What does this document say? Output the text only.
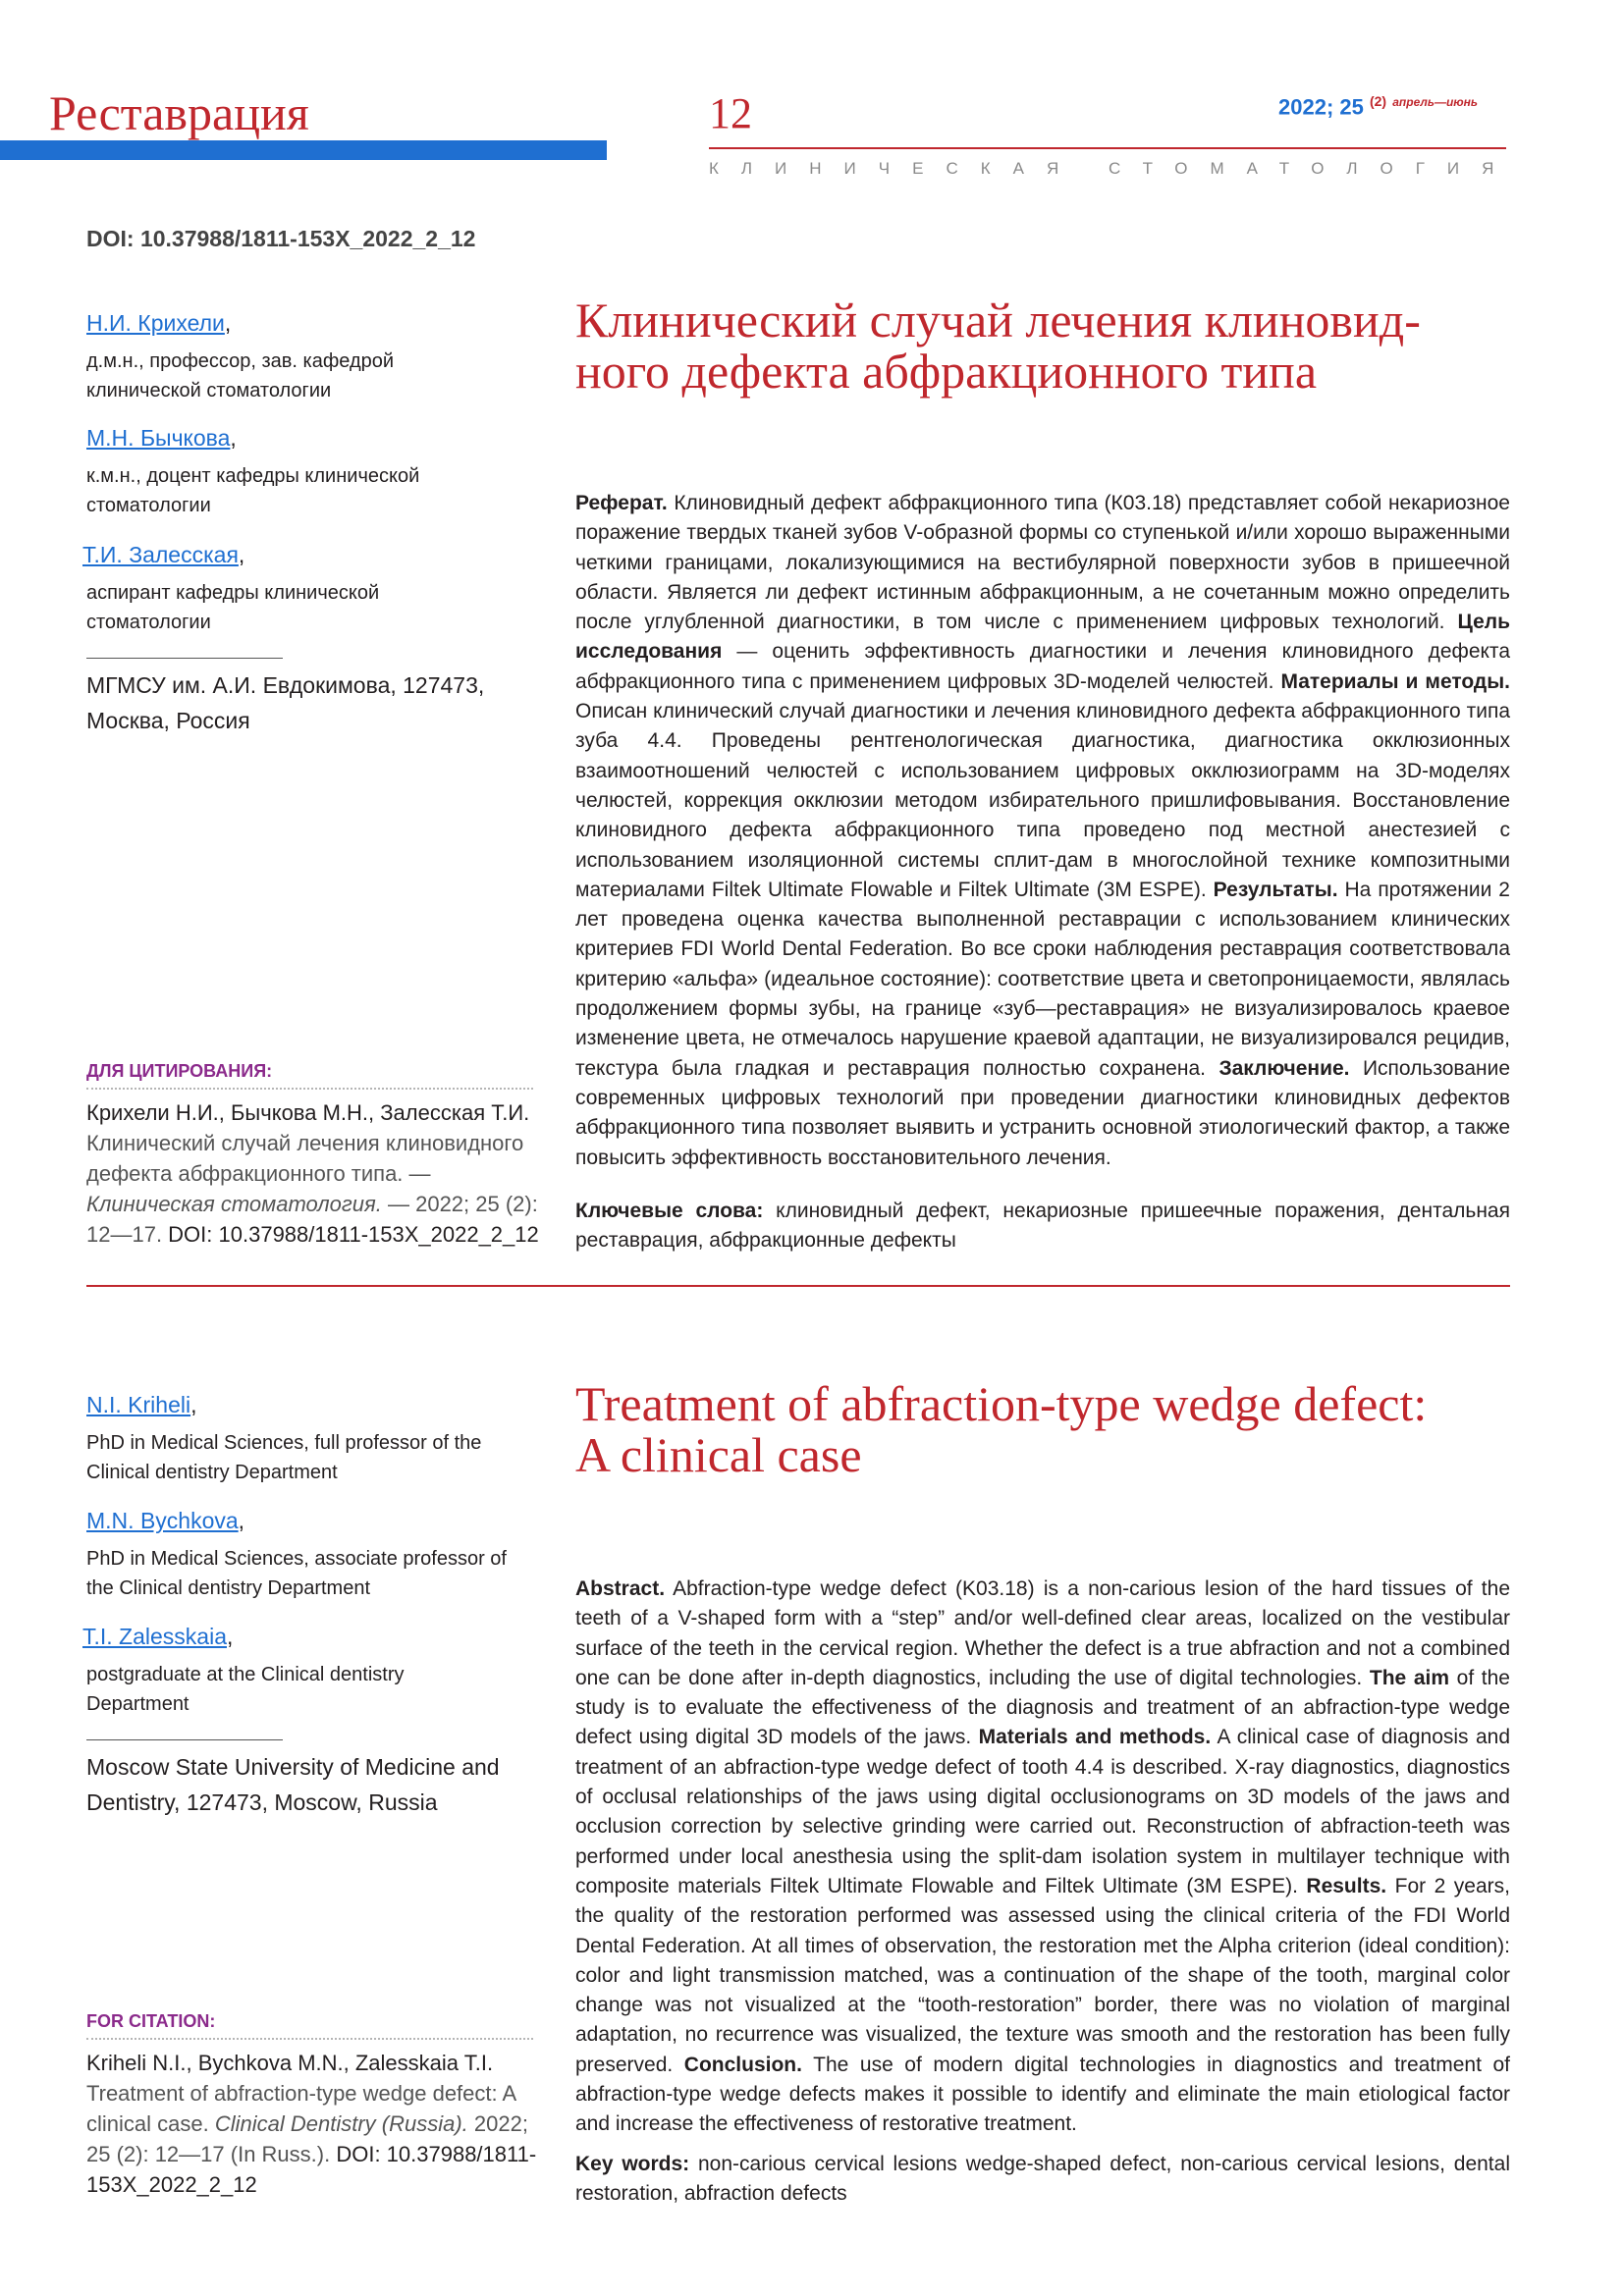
Реставрация	12	2022; 25 $^{(2)}$ $^{апрель—июнь}$
КЛИНИЧЕСКАЯ СТОМАТОЛОГИЯ
DOI: 10.37988/1811-153X_2022_2_12
Н.И. Крихели,
д.м.н., профессор, зав. кафедрой клинической стоматологии
М.Н. Бычкова,
к.м.н., доцент кафедры клинической стоматологии
Т.И. Залесская,
аспирант кафедры клинической стоматологии
МГМСУ им. А.И. Евдокимова, 127473, Москва, Россия
Клинический случай лечения клиновид-
ного дефекта абфракционного типа
Реферат. Клиновидный дефект абфракционного типа (К03.18) представляет собой некариозное поражение твердых тканей зубов V-образной формы со ступенькой и/или хорошо выраженными четкими границами, локализующимися на вестибулярной поверхности зубов в пришеечной области. Является ли дефект истинным абфракционным, а не сочетанным можно определить после углубленной диагностики, в том числе с применением цифровых технологий. Цель исследования — оценить эффективность диагностики и лечения клиновидного дефекта абфракционного типа с применением цифровых 3D-моделей челюстей. Материалы и методы. Описан клинический случай диагностики и лечения клиновидного дефекта абфракционного типа зуба 4.4. Проведены рентгенологическая диагностика, диагностика окклюзионных взаимоотношений челюстей с использованием цифровых окклюзиограмм на 3D-моделях челюстей, коррекция окклюзии методом избирательного пришлифовывания. Восстановление клиновидного дефекта абфракционного типа проведено под местной анестезией с использованием изоляционной системы сплит-дам в многослойной технике композитными материалами Filtek Ultimate Flowable и Filtek Ultimate (3M ESPE). Результаты. На протяжении 2 лет проведена оценка качества выполненной реставрации с использованием клинических критериев FDI World Dental Federation. Во все сроки наблюдения реставрация соответствовала критерию «альфа» (идеальное состояние): соответствие цвета и светопроницаемости, являлась продолжением формы зубы, на границе «зуб—реставрация» не визуализировалось краевое изменение цвета, не отмечалось нарушение краевой адаптации, не визуализировался рецидив, текстура была гладкая и реставрация полностью сохранена. Заключение. Использование современных цифровых технологий при проведении диагностики клиновидных дефектов абфракционного типа позволяет выявить и устранить основной этиологический фактор, а также повысить эффективность восстановительного лечения.
Ключевые слова: клиновидный дефект, некариозные пришеечные поражения, дентальная реставрация, абфракционные дефекты
ДЛЯ ЦИТИРОВАНИЯ:
Крихели Н.И., Бычкова М.Н., Залесская Т.И. Клинический случай лечения клиновидного дефекта абфракционного типа. — Клиническая стоматология. — 2022; 25 (2): 12—17. DOI: 10.37988/1811-153X_2022_2_12
N.I. Kriheli,
PhD in Medical Sciences, full professor of the Clinical dentistry Department
M.N. Bychkova,
PhD in Medical Sciences, associate professor of the Clinical dentistry Department
T.I. Zalesskaia,
postgraduate at the Clinical dentistry Department
Moscow State University of Medicine and Dentistry, 127473, Moscow, Russia
Treatment of abfraction-type wedge defect:
A clinical case
Abstract. Abfraction-type wedge defect (K03.18) is a non-carious lesion of the hard tissues of the teeth of a V-shaped form with a “step” and/or well-defined clear areas, localized on the vestibular surface of the teeth in the cervical region. Whether the defect is a true abfraction and not a combined one can be done after in-depth diagnostics, including the use of digital technologies. The aim of the study is to evaluate the effectiveness of the diagnosis and treatment of an abfraction-type wedge defect using digital 3D models of the jaws. Materials and methods. A clinical case of diagnosis and treatment of an abfraction-type wedge defect of tooth 4.4 is described. X-ray diagnostics, diagnostics of occlusal relationships of the jaws using digital occlusionograms on 3D models of the jaws and occlusion correction by selective grinding were carried out. Reconstruction of abfraction-teeth was performed under local anesthesia using the split-dam isolation system in multilayer technique with composite materials Filtek Ultimate Flowable and Filtek Ultimate (3M ESPE). Results. For 2 years, the quality of the restoration performed was assessed using the clinical criteria of the FDI World Dental Federation. At all times of observation, the restoration met the Alpha criterion (ideal condition): color and light transmission matched, was a continuation of the shape of the tooth, marginal color change was not visualized at the “tooth-restoration” border, there was no violation of marginal adaptation, no recurrence was visualized, the texture was smooth and the restoration has been fully preserved. Conclusion. The use of modern digital technologies in diagnostics and treatment of abfraction-type wedge defects makes it possible to identify and eliminate the main etiological factor and increase the effectiveness of restorative treatment.
Key words: non-carious cervical lesions wedge-shaped defect, non-carious cervical lesions, dental restoration, abfraction defects
FOR CITATION:
Kriheli N.I., Bychkova M.N., Zalesskaia T.I. Treatment of abfraction-type wedge defect: A clinical case. Clinical Dentistry (Russia). 2022; 25 (2): 12—17 (In Russ.). DOI: 10.37988/1811-153X_2022_2_12
